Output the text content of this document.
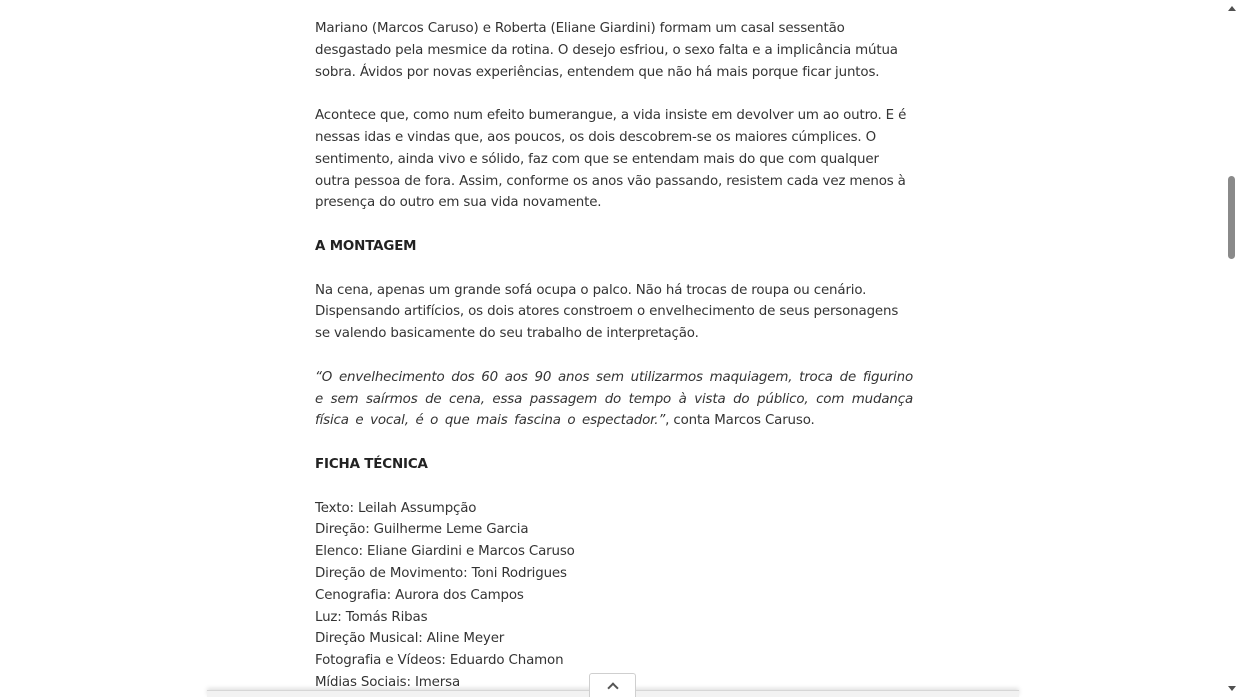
Mariano (Marcos Caruso) e Roberta (Eliane Giardini) formam um casal sessentão desgastado pela mesmice da rotina. O desejo esfriou, o sexo falta e a implicância mútua sobra. Ávidos por novas experiências, entendem que não há mais porque ficar juntos.

Acontece que, como num efeito bumerangue, a vida insiste em devolver um ao outro. E é nessas idas e vindas que, aos poucos, os dois descobrem-se os maiores cúmplices. O sentimento, ainda vivo e sólido, faz com que se entendam mais do que com qualquer outra pessoa de fora. Assim, conforme os anos vão passando, resistem cada vez menos à presença do outro em sua vida novamente.

A MONTAGEM

Na cena, apenas um grande sofá ocupa o palco. Não há trocas de roupa ou cenário. Dispensando artifícios, os dois atores constroem o envelhecimento de seus personagens se valendo basicamente do seu trabalho de interpretação.

“O envelhecimento dos 60 aos 90 anos sem utilizarmos maquiagem, troca de figurino e sem saírmos de cena, essa passagem do tempo à vista do público, com mudança física e vocal, é o que mais fascina o espectador.”, conta Marcos Caruso.

FICHA TÉCNICA
Texto: Leilah Assumpção
Direção: Guilherme Leme Garcia
Elenco: Eliane Giardini e Marcos Caruso
Direção de Movimento: Toni Rodrigues
Cenografia: Aurora dos Campos
Luz: Tomás Ribas
Direção Musical: Aline Meyer
Fotografia e Vídeos: Eduardo Chamon
Mídias Sociais: Imersa
